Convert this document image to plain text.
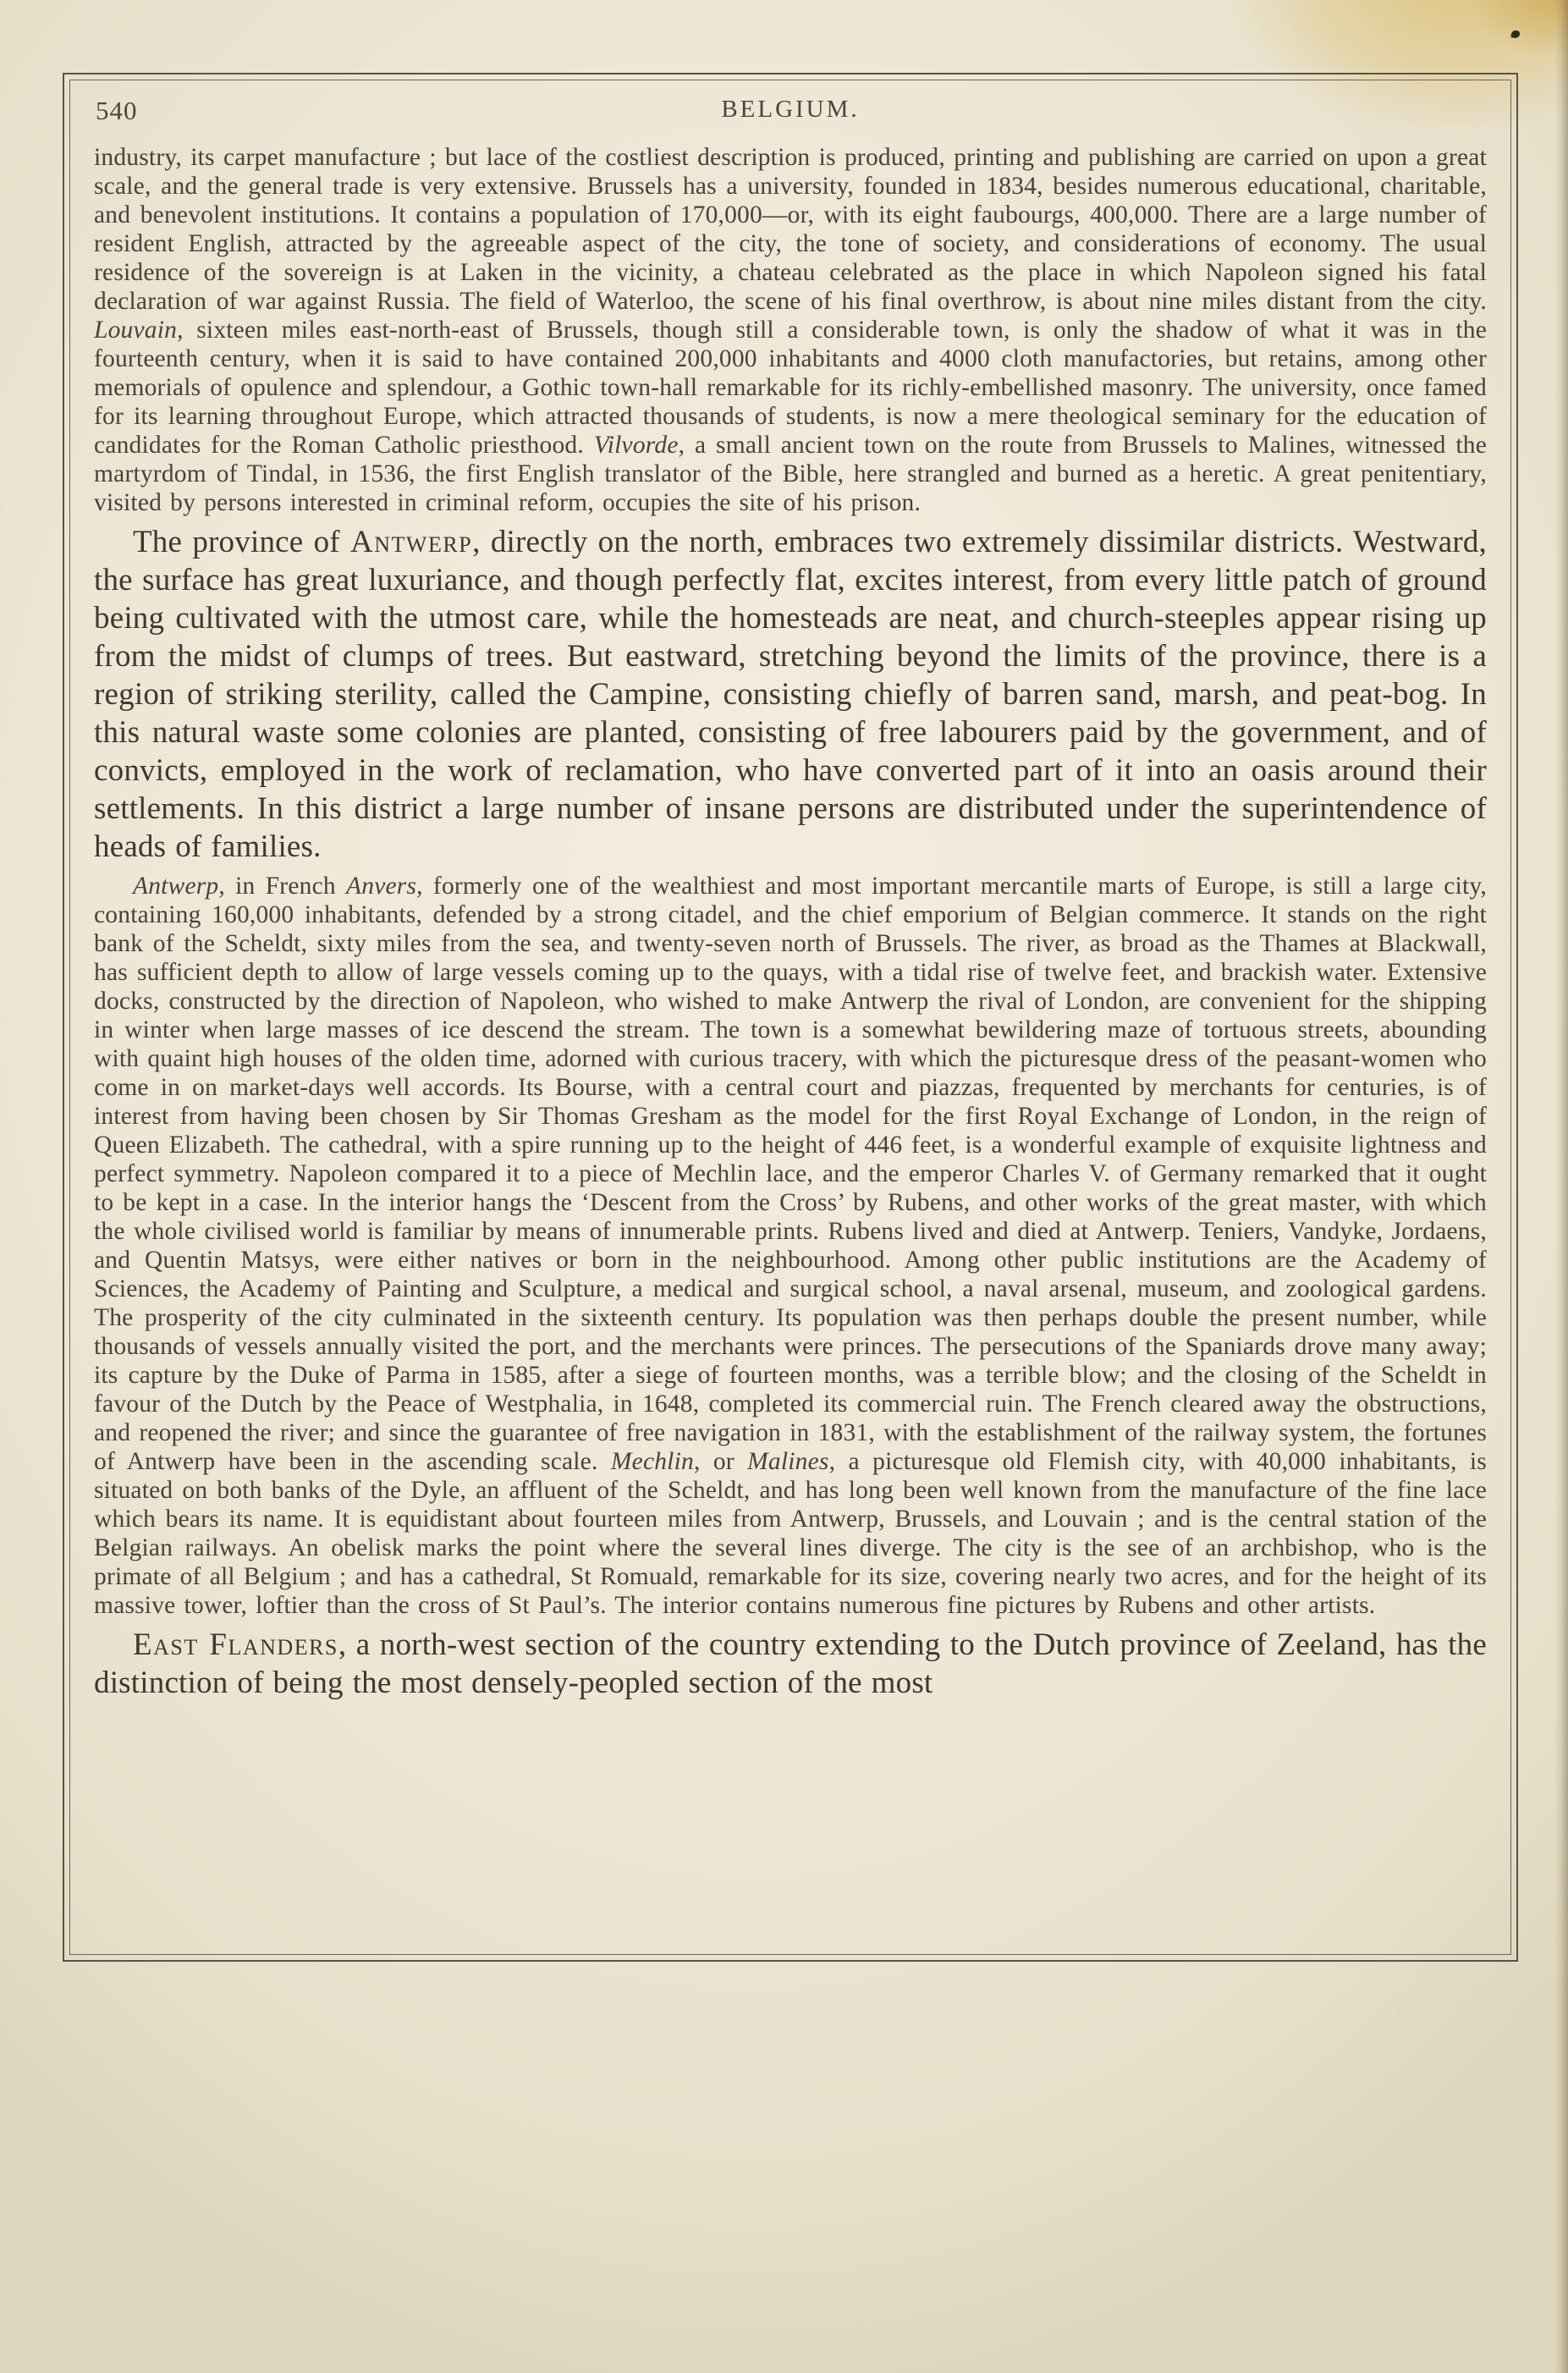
540	BELGIUM.

industry, its carpet manufacture ; but lace of the costliest description is produced, printing and publishing are carried on upon a great scale, and the general trade is very extensive. Brussels has a university, founded in 1834, besides numerous educational, charitable, and benevolent institutions. It contains a population of 170,000—or, with its eight faubourgs, 400,000. There are a large number of resident English, attracted by the agreeable aspect of the city, the tone of society, and considerations of economy. The usual residence of the sovereign is at Laken in the vicinity, a chateau celebrated as the place in which Napoleon signed his fatal declaration of war against Russia. The field of Waterloo, the scene of his final overthrow, is about nine miles distant from the city. Louvain, sixteen miles east-north-east of Brussels, though still a considerable town, is only the shadow of what it was in the fourteenth century, when it is said to have contained 200,000 inhabitants and 4000 cloth manufactories, but retains, among other memorials of opulence and splendour, a Gothic town-hall remarkable for its richly-embellished masonry. The university, once famed for its learning throughout Europe, which attracted thousands of students, is now a mere theological seminary for the education of candidates for the Roman Catholic priesthood. Vilvorde, a small ancient town on the route from Brussels to Malines, witnessed the martyrdom of Tindal, in 1536, the first English translator of the Bible, here strangled and burned as a heretic. A great penitentiary, visited by persons interested in criminal reform, occupies the site of his prison.

The province of Antwerp, directly on the north, embraces two extremely dissimilar districts. Westward, the surface has great luxuriance, and though perfectly flat, excites interest, from every little patch of ground being cultivated with the utmost care, while the homesteads are neat, and church-steeples appear rising up from the midst of clumps of trees. But eastward, stretching beyond the limits of the province, there is a region of striking sterility, called the Campine, consisting chiefly of barren sand, marsh, and peat-bog. In this natural waste some colonies are planted, consisting of free labourers paid by the government, and of convicts, employed in the work of reclamation, who have converted part of it into an oasis around their settlements. In this district a large number of insane persons are distributed under the superintendence of heads of families.

Antwerp, in French Anvers, formerly one of the wealthiest and most important mercantile marts of Europe, is still a large city, containing 160,000 inhabitants, defended by a strong citadel, and the chief emporium of Belgian commerce. It stands on the right bank of the Scheldt, sixty miles from the sea, and twenty-seven north of Brussels. The river, as broad as the Thames at Blackwall, has sufficient depth to allow of large vessels coming up to the quays, with a tidal rise of twelve feet, and brackish water. Extensive docks, constructed by the direction of Napoleon, who wished to make Antwerp the rival of London, are convenient for the shipping in winter when large masses of ice descend the stream. The town is a somewhat bewildering maze of tortuous streets, abounding with quaint high houses of the olden time, adorned with curious tracery, with which the picturesque dress of the peasant-women who come in on market-days well accords. Its Bourse, with a central court and piazzas, frequented by merchants for centuries, is of interest from having been chosen by Sir Thomas Gresham as the model for the first Royal Exchange of London, in the reign of Queen Elizabeth. The cathedral, with a spire running up to the height of 446 feet, is a wonderful example of exquisite lightness and perfect symmetry. Napoleon compared it to a piece of Mechlin lace, and the emperor Charles V. of Germany remarked that it ought to be kept in a case. In the interior hangs the ‘Descent from the Cross’ by Rubens, and other works of the great master, with which the whole civilised world is familiar by means of innumerable prints. Rubens lived and died at Antwerp. Teniers, Vandyke, Jordaens, and Quentin Matsys, were either natives or born in the neighbourhood. Among other public institutions are the Academy of Sciences, the Academy of Painting and Sculpture, a medical and surgical school, a naval arsenal, museum, and zoological gardens. The prosperity of the city culminated in the sixteenth century. Its population was then perhaps double the present number, while thousands of vessels annually visited the port, and the merchants were princes. The persecutions of the Spaniards drove many away; its capture by the Duke of Parma in 1585, after a siege of fourteen months, was a terrible blow; and the closing of the Scheldt in favour of the Dutch by the Peace of Westphalia, in 1648, completed its commercial ruin. The French cleared away the obstructions, and reopened the river; and since the guarantee of free navigation in 1831, with the establishment of the railway system, the fortunes of Antwerp have been in the ascending scale. Mechlin, or Malines, a picturesque old Flemish city, with 40,000 inhabitants, is situated on both banks of the Dyle, an affluent of the Scheldt, and has long been well known from the manufacture of the fine lace which bears its name. It is equidistant about fourteen miles from Antwerp, Brussels, and Louvain ; and is the central station of the Belgian railways. An obelisk marks the point where the several lines diverge. The city is the see of an archbishop, who is the primate of all Belgium ; and has a cathedral, St Romuald, remarkable for its size, covering nearly two acres, and for the height of its massive tower, loftier than the cross of St Paul’s. The interior contains numerous fine pictures by Rubens and other artists.

East Flanders, a north-west section of the country extending to the Dutch province of Zeeland, has the distinction of being the most densely-peopled section of the most
